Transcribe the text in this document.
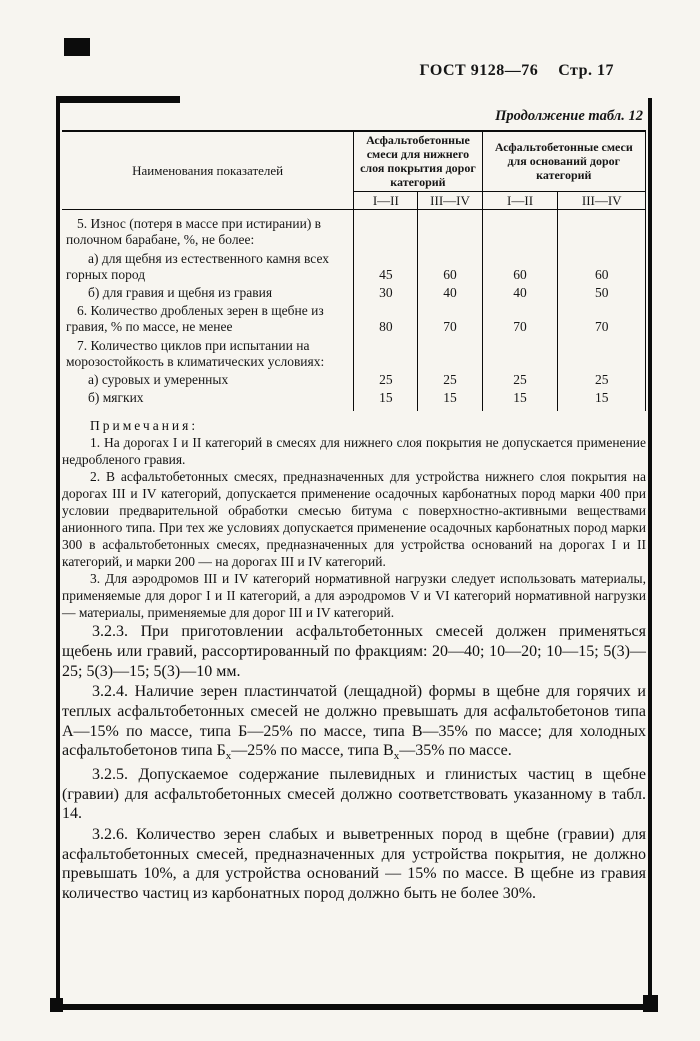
ГОСТ 9128—76 Стр. 17
Продолжение табл. 12
Наименования показателей	Асфальтобетонные смеси для нижнего слоя покрытия дорог категорий		Асфальтобетонные смеси для оснований дорог категорий	
	I—II	III—IV	I—II	III—IV
5. Износ (потеря в массе при истирании) в полочном барабане, %, не более:				
а) для щебня из естественного камня всех горных пород	45	60	60	60
б) для гравия и щебня из гравия	30	40	40	50
6. Количество дробленых зерен в щебне из гравия, % по массе, не менее	80	70	70	70
7. Количество циклов при испытании на морозостойкость в климатических условиях:				
а) суровых и умеренных	25	25	25	25
б) мягких	15	15	15	15

Примечания:

1. На дорогах I и II категорий в смесях для нижнего слоя покрытия не допускается применение недробленого гравия.

2. В асфальтобетонных смесях, предназначенных для устройства нижнего слоя покрытия на дорогах III и IV категорий, допускается применение осадочных карбонатных пород марки 400 при условии предварительной обработки смесью битума с поверхностно-активными веществами анионного типа. При тех же условиях допускается применение осадочных карбонатных пород марки 300 в асфальтобетонных смесях, предназначенных для устройства оснований на дорогах I и II категорий, и марки 200 — на дорогах III и IV категорий.

3. Для аэродромов III и IV категорий нормативной нагрузки следует использовать материалы, применяемые для дорог I и II категорий, а для аэродромов V и VI категорий нормативной нагрузки — материалы, применяемые для дорог III и IV категорий.

3.2.3. При приготовлении асфальтобетонных смесей должен применяться щебень или гравий, рассортированный по фракциям: 20—40; 10—20; 10—15; 5(3)—25; 5(3)—15; 5(3)—10 мм.

3.2.4. Наличие зерен пластинчатой (лещадной) формы в щебне для горячих и теплых асфальтобетонных смесей не должно превышать для асфальтобетонов типа А—15% по массе, типа Б—25% по массе, типа В—35% по массе; для холодных асфальтобетонов типа $Б_х—25\%$ по массе, типа $В_х—35\%$ по массе.

3.2.5. Допускаемое содержание пылевидных и глинистых частиц в щебне (гравии) для асфальтобетонных смесей должно соответствовать указанному в табл. 14.

3.2.6. Количество зерен слабых и выветренных пород в щебне (гравии) для асфальтобетонных смесей, предназначенных для устройства покрытия, не должно превышать 10%, а для устройства оснований — 15% по массе. В щебне из гравия количество частиц из карбонатных пород должно быть не более 30%.
